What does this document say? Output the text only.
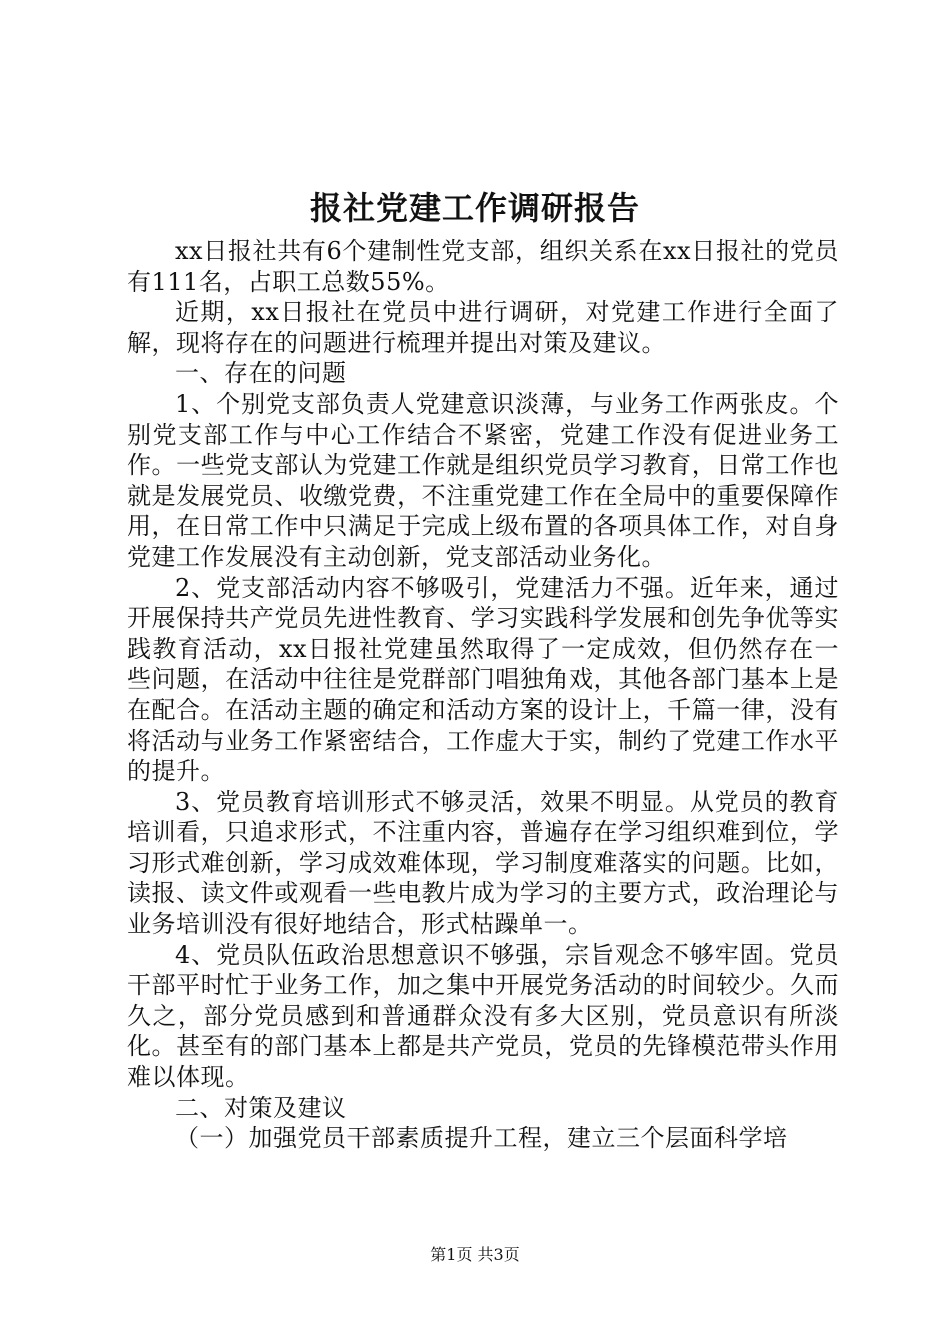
报社党建工作调研报告

xx日报社共有6个建制性党支部，组织关系在xx日报社的党员有111名，占职工总数55%。

近期，xx日报社在党员中进行调研，对党建工作进行全面了解，现将存在的问题进行梳理并提出对策及建议。

一、存在的问题

1、个别党支部负责人党建意识淡薄，与业务工作两张皮。个别党支部工作与中心工作结合不紧密，党建工作没有促进业务工作。一些党支部认为党建工作就是组织党员学习教育，日常工作也就是发展党员、收缴党费，不注重党建工作在全局中的重要保障作用，在日常工作中只满足于完成上级布置的各项具体工作，对自身党建工作发展没有主动创新，党支部活动业务化。

2、党支部活动内容不够吸引，党建活力不强。近年来，通过开展保持共产党员先进性教育、学习实践科学发展和创先争优等实践教育活动，xx日报社党建虽然取得了一定成效，但仍然存在一些问题，在活动中往往是党群部门唱独角戏，其他各部门基本上是在配合。在活动主题的确定和活动方案的设计上，千篇一律，没有将活动与业务工作紧密结合，工作虚大于实，制约了党建工作水平的提升。

3、党员教育培训形式不够灵活，效果不明显。从党员的教育培训看，只追求形式，不注重内容，普遍存在学习组织难到位，学习形式难创新，学习成效难体现，学习制度难落实的问题。比如，读报、读文件或观看一些电教片成为学习的主要方式，政治理论与业务培训没有很好地结合，形式枯躁单一。

4、党员队伍政治思想意识不够强，宗旨观念不够牢固。党员干部平时忙于业务工作，加之集中开展党务活动的时间较少。久而久之，部分党员感到和普通群众没有多大区别，党员意识有所淡化。甚至有的部门基本上都是共产党员，党员的先锋模范带头作用难以体现。

二、对策及建议

（一）加强党员干部素质提升工程，建立三个层面科学培

第1页 共3页
